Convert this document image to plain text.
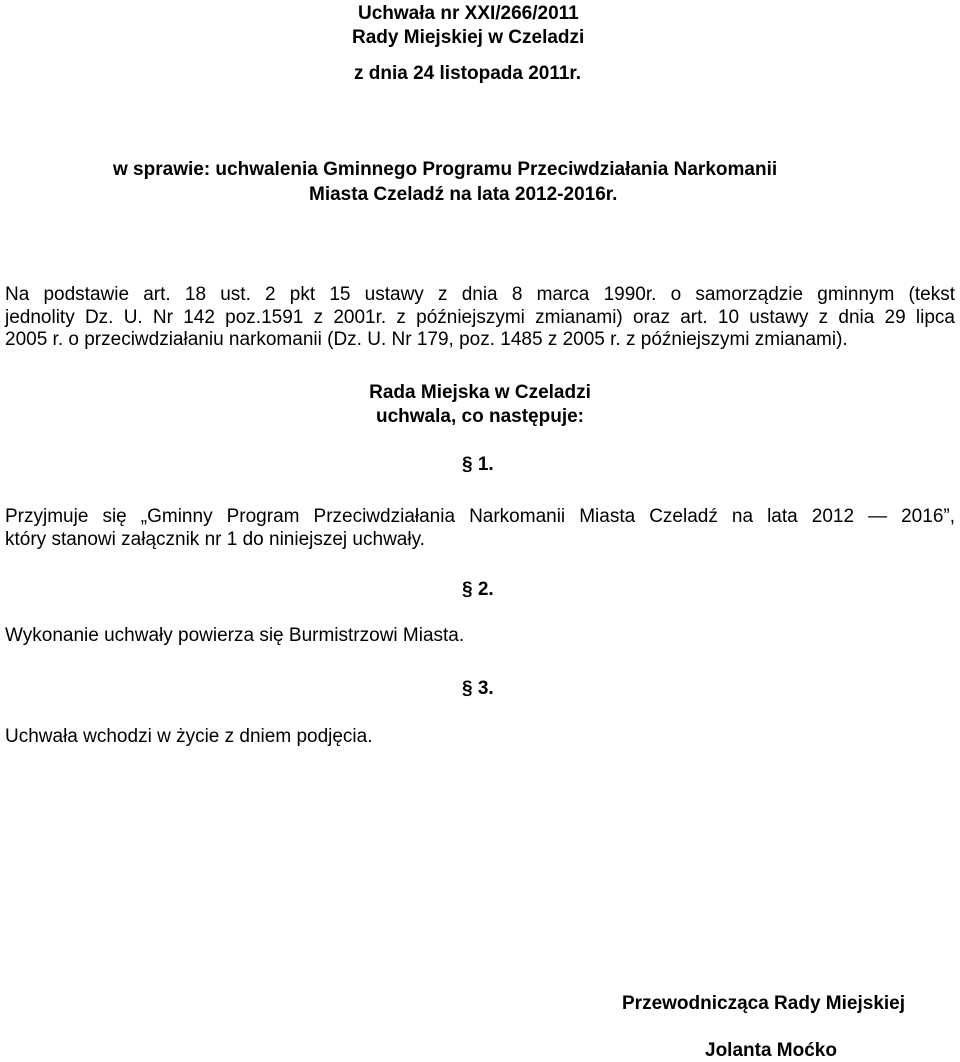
Uchwała nr XXI/266/2011
Rady Miejskiej w Czeladzi
z dnia 24 listopada 2011r.
w sprawie: uchwalenia Gminnego Programu Przeciwdziałania Narkomanii
Miasta Czeladź na lata 2012-2016r.
Na podstawie art. 18 ust. 2 pkt 15 ustawy z dnia 8 marca 1990r. o samorządzie gminnym (tekst
jednolity Dz. U. Nr 142 poz.1591 z 2001r. z późniejszymi zmianami) oraz art. 10 ustawy z dnia 29 lipca
2005 r. o przeciwdziałaniu narkomanii (Dz. U. Nr 179, poz. 1485 z 2005 r. z późniejszymi zmianami).
Rada Miejska w Czeladzi
uchwala, co następuje:
§ 1.
Przyjmuje się „Gminny Program Przeciwdziałania Narkomanii Miasta Czeladź na lata 2012 — 2016”,
który stanowi załącznik nr 1 do niniejszej uchwały.
§ 2.
Wykonanie uchwały powierza się Burmistrzowi Miasta.
§ 3.
Uchwała wchodzi w życie z dniem podjęcia.
Przewodnicząca Rady Miejskiej
Jolanta Moćko
